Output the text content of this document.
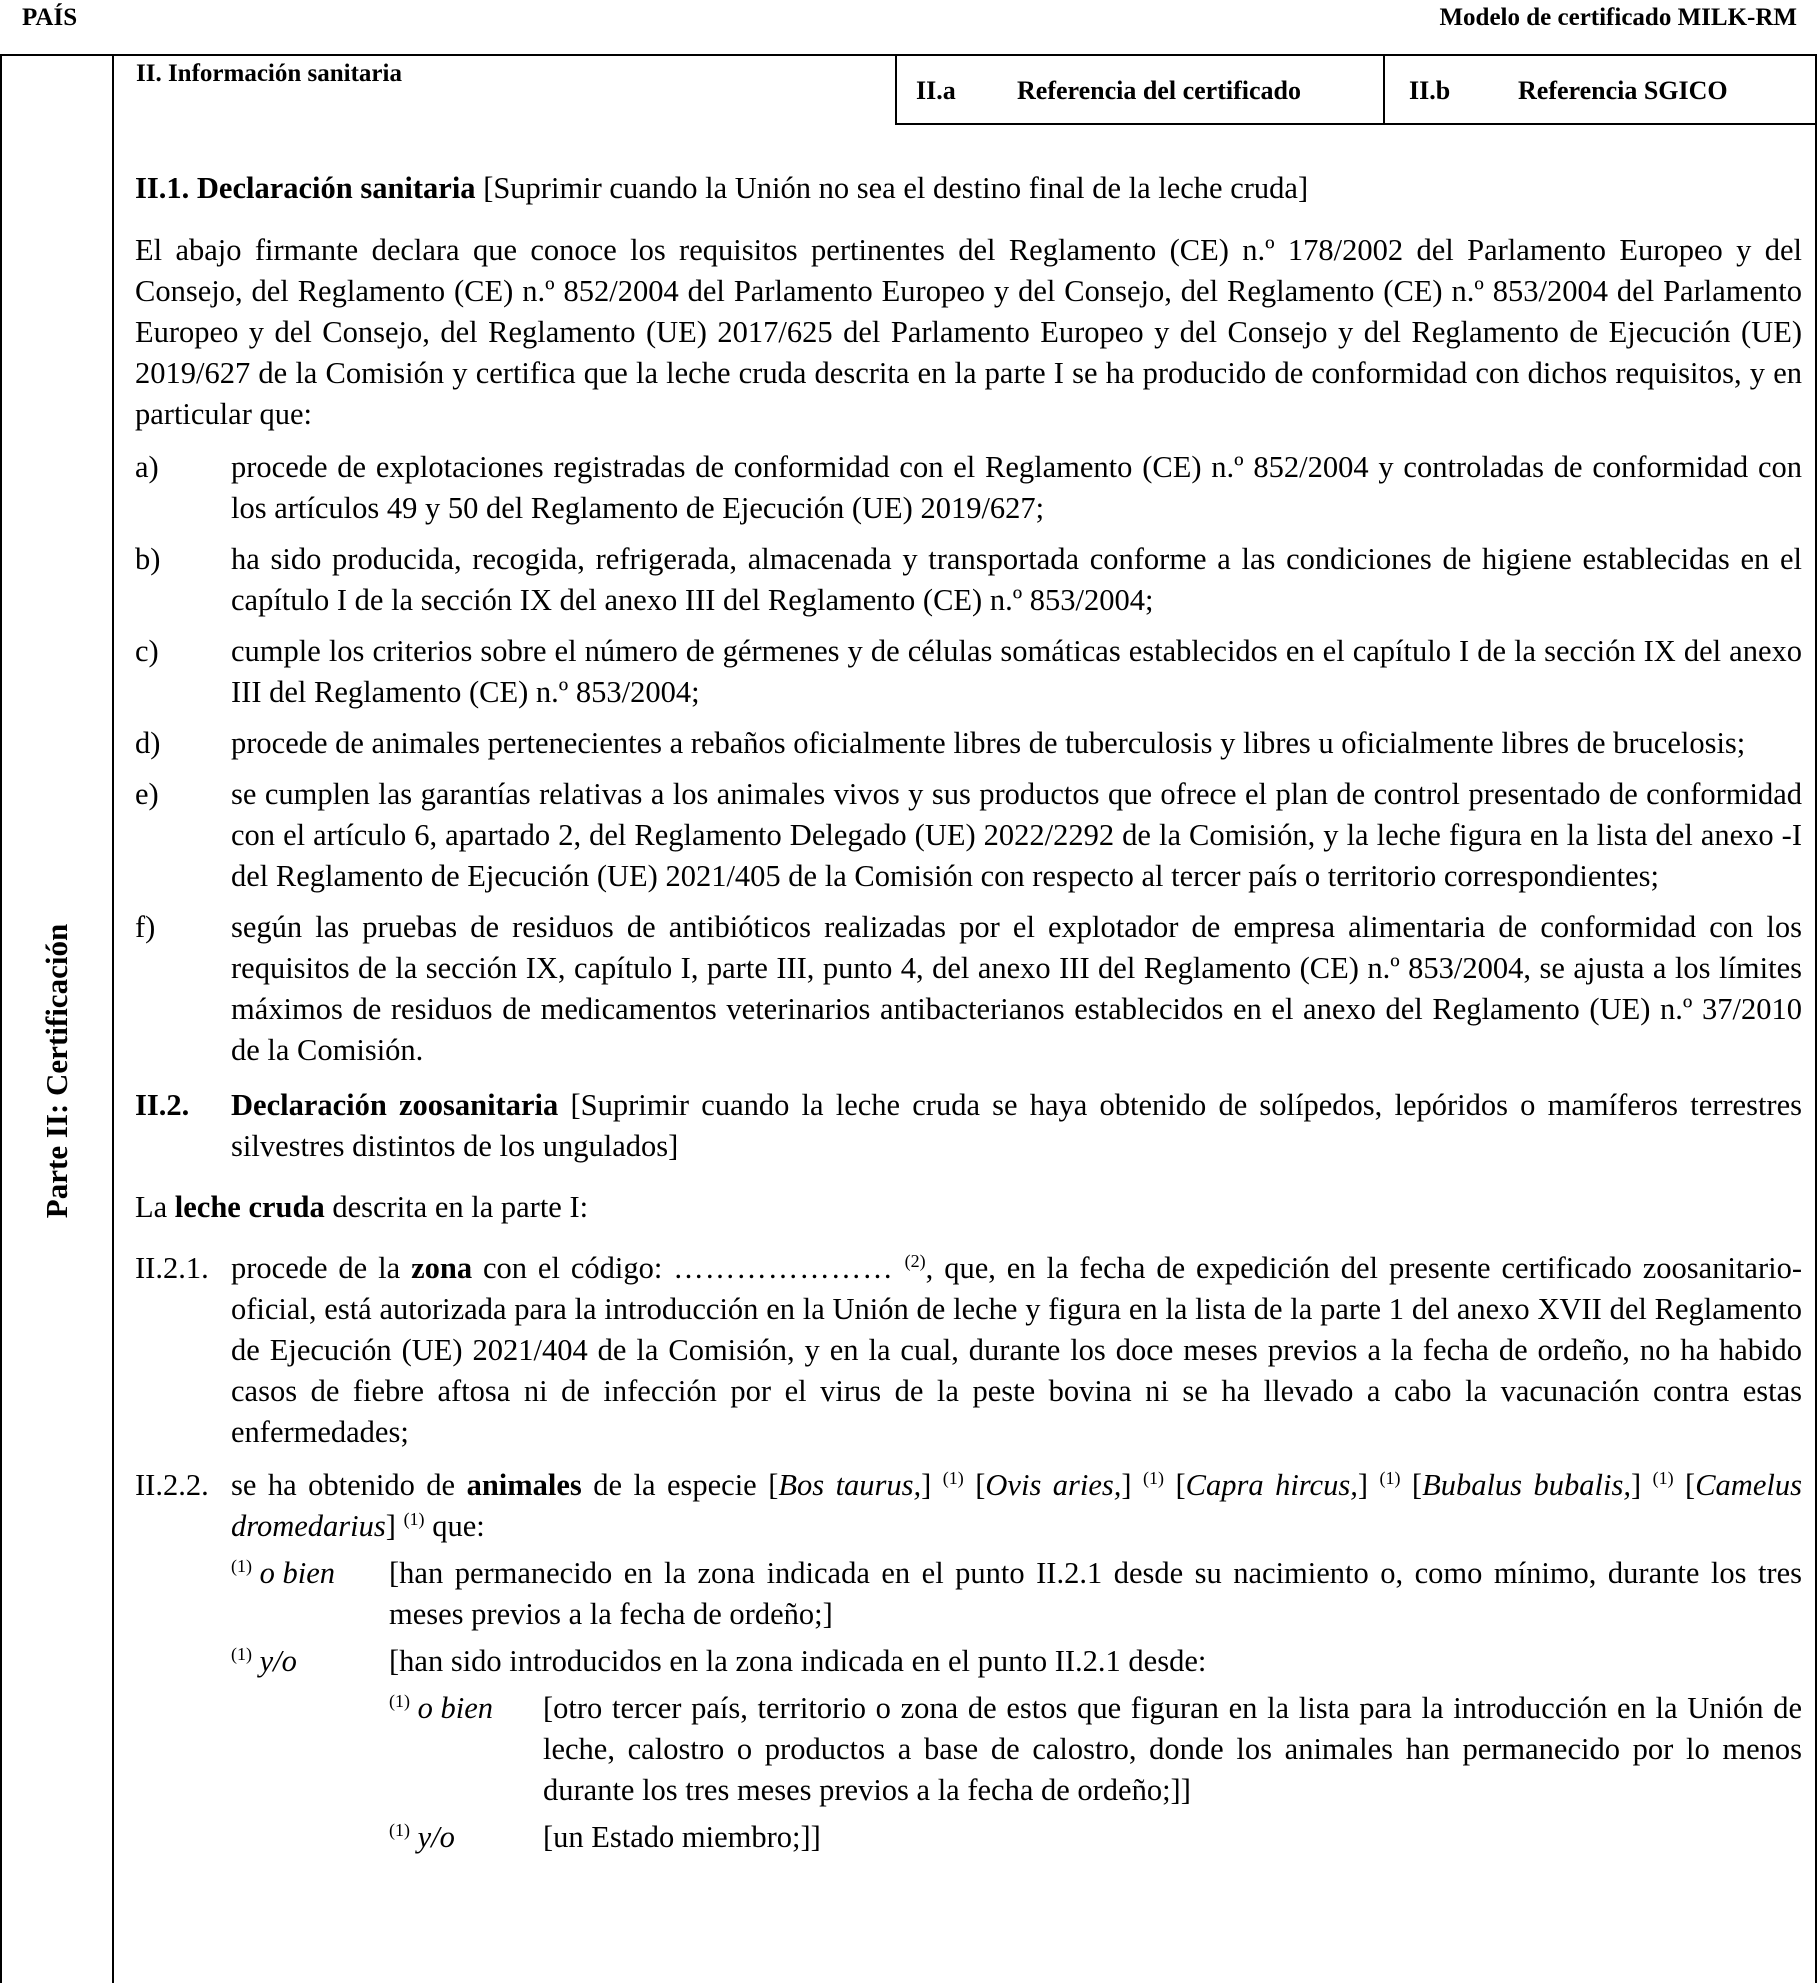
PAÍS	Modelo de certificado MILK-RM
Parte II: Certificación
II. Información sanitaria
II.a Referencia del certificado	II.b	Referencia SGICO

II.1. Declaración sanitaria [Suprimir cuando la Unión no sea el destino final de la leche cruda]

El abajo firmante declara que conoce los requisitos pertinentes del Reglamento (CE) n.º 178/2002 del Parlamento Europeo y del Consejo, del Reglamento (CE) n.º 852/2004 del Parlamento Europeo y del Consejo, del Reglamento (CE) n.º 853/2004 del Parlamento Europeo y del Consejo, del Reglamento (UE) 2017/625 del Parlamento Europeo y del Consejo y del Reglamento de Ejecución (UE) 2019/627 de la Comisión y certifica que la leche cruda descrita en la parte I se ha producido de conformidad con dichos requisitos, y en particular que:

a)	procede de explotaciones registradas de conformidad con el Reglamento (CE) n.º 852/2004 y controladas de conformidad con los artículos 49 y 50 del Reglamento de Ejecución (UE) 2019/627;
b)	ha sido producida, recogida, refrigerada, almacenada y transportada conforme a las condiciones de higiene establecidas en el capítulo I de la sección IX del anexo III del Reglamento (CE) n.º 853/2004;
c)	cumple los criterios sobre el número de gérmenes y de células somáticas establecidos en el capítulo I de la sección IX del anexo III del Reglamento (CE) n.º 853/2004;
d)	procede de animales pertenecientes a rebaños oficialmente libres de tuberculosis y libres u oficialmente libres de brucelosis;
e)	se cumplen las garantías relativas a los animales vivos y sus productos que ofrece el plan de control presentado de conformidad con el artículo 6, apartado 2, del Reglamento Delegado (UE) 2022/2292 de la Comisión, y la leche figura en la lista del anexo -I del Reglamento de Ejecución (UE) 2021/405 de la Comisión con respecto al tercer país o territorio correspondientes;
f)	según las pruebas de residuos de antibióticos realizadas por el explotador de empresa alimentaria de conformidad con los requisitos de la sección IX, capítulo I, parte III, punto 4, del anexo III del Reglamento (CE) n.º 853/2004, se ajusta a los límites máximos de residuos de medicamentos veterinarios antibacterianos establecidos en el anexo del Reglamento (UE) n.º 37/2010 de la Comisión.
II.2.	Declaración zoosanitaria [Suprimir cuando la leche cruda se haya obtenido de solípedos, lepóridos o mamíferos terrestres silvestres distintos de los ungulados]

La leche cruda descrita en la parte I:

II.2.1. procede de la zona con el código: ………………… $^{(2)}$, que, en la fecha de expedición del presente certificado zoosanitario-oficial, está autorizada para la introducción en la Unión de leche y figura en la lista de la parte 1 del anexo XVII del Reglamento de Ejecución (UE) 2021/404 de la Comisión, y en la cual, durante los doce meses previos a la fecha de ordeño, no ha habido casos de fiebre aftosa ni de infección por el virus de la peste bovina ni se ha llevado a cabo la vacunación contra estas enfermedades;
II.2.2. se ha obtenido de animales de la especie [Bos taurus,] $^{(1)}$ [Ovis aries,] $^{(1)}$ [Capra hircus,] $^{(1)}$ [Bubalus bubalis,] $^{(1)}$ [Camelus dromedarius] $^{(1)}$ que:
$^{(1)}$ o bien	[han permanecido en la zona indicada en el punto II.2.1 desde su nacimiento o, como mínimo, durante los tres meses previos a la fecha de ordeño;]
$^{(1)}$ y/o	[han sido introducidos en la zona indicada en el punto II.2.1 desde:
$^{(1)}$ o bien	[otro tercer país, territorio o zona de estos que figuran en la lista para la introducción en la Unión de leche, calostro o productos a base de calostro, donde los animales han permanecido por lo menos durante los tres meses previos a la fecha de ordeño;]]
$^{(1)}$ y/o	[un Estado miembro;]]
